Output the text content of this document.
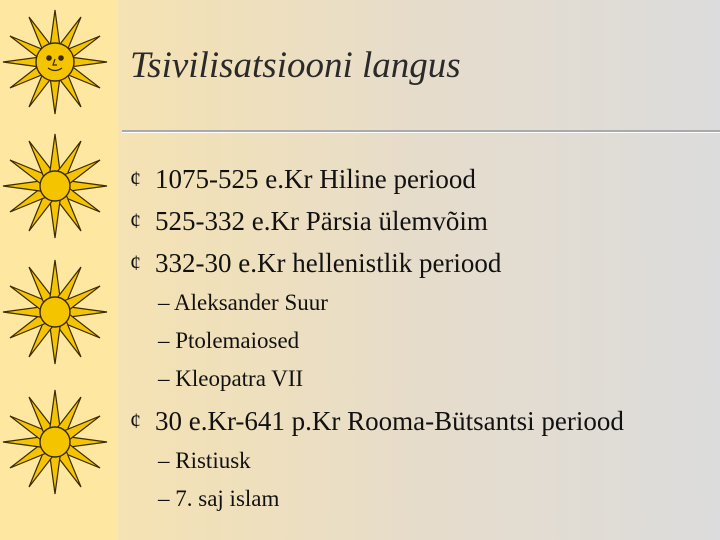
Tsivilisatsiooni langus
¢ 1075-525 e.Kr Hiline periood
¢ 525-332 e.Kr Pärsia ülemvõim
¢ 332-30 e.Kr hellenistlik periood
– Aleksander Suur
– Ptolemaiosed
– Kleopatra VII
¢ 30 e.Kr-641 p.Kr Rooma-Bütsantsi periood
– Ristiusk
– 7. saj islam
